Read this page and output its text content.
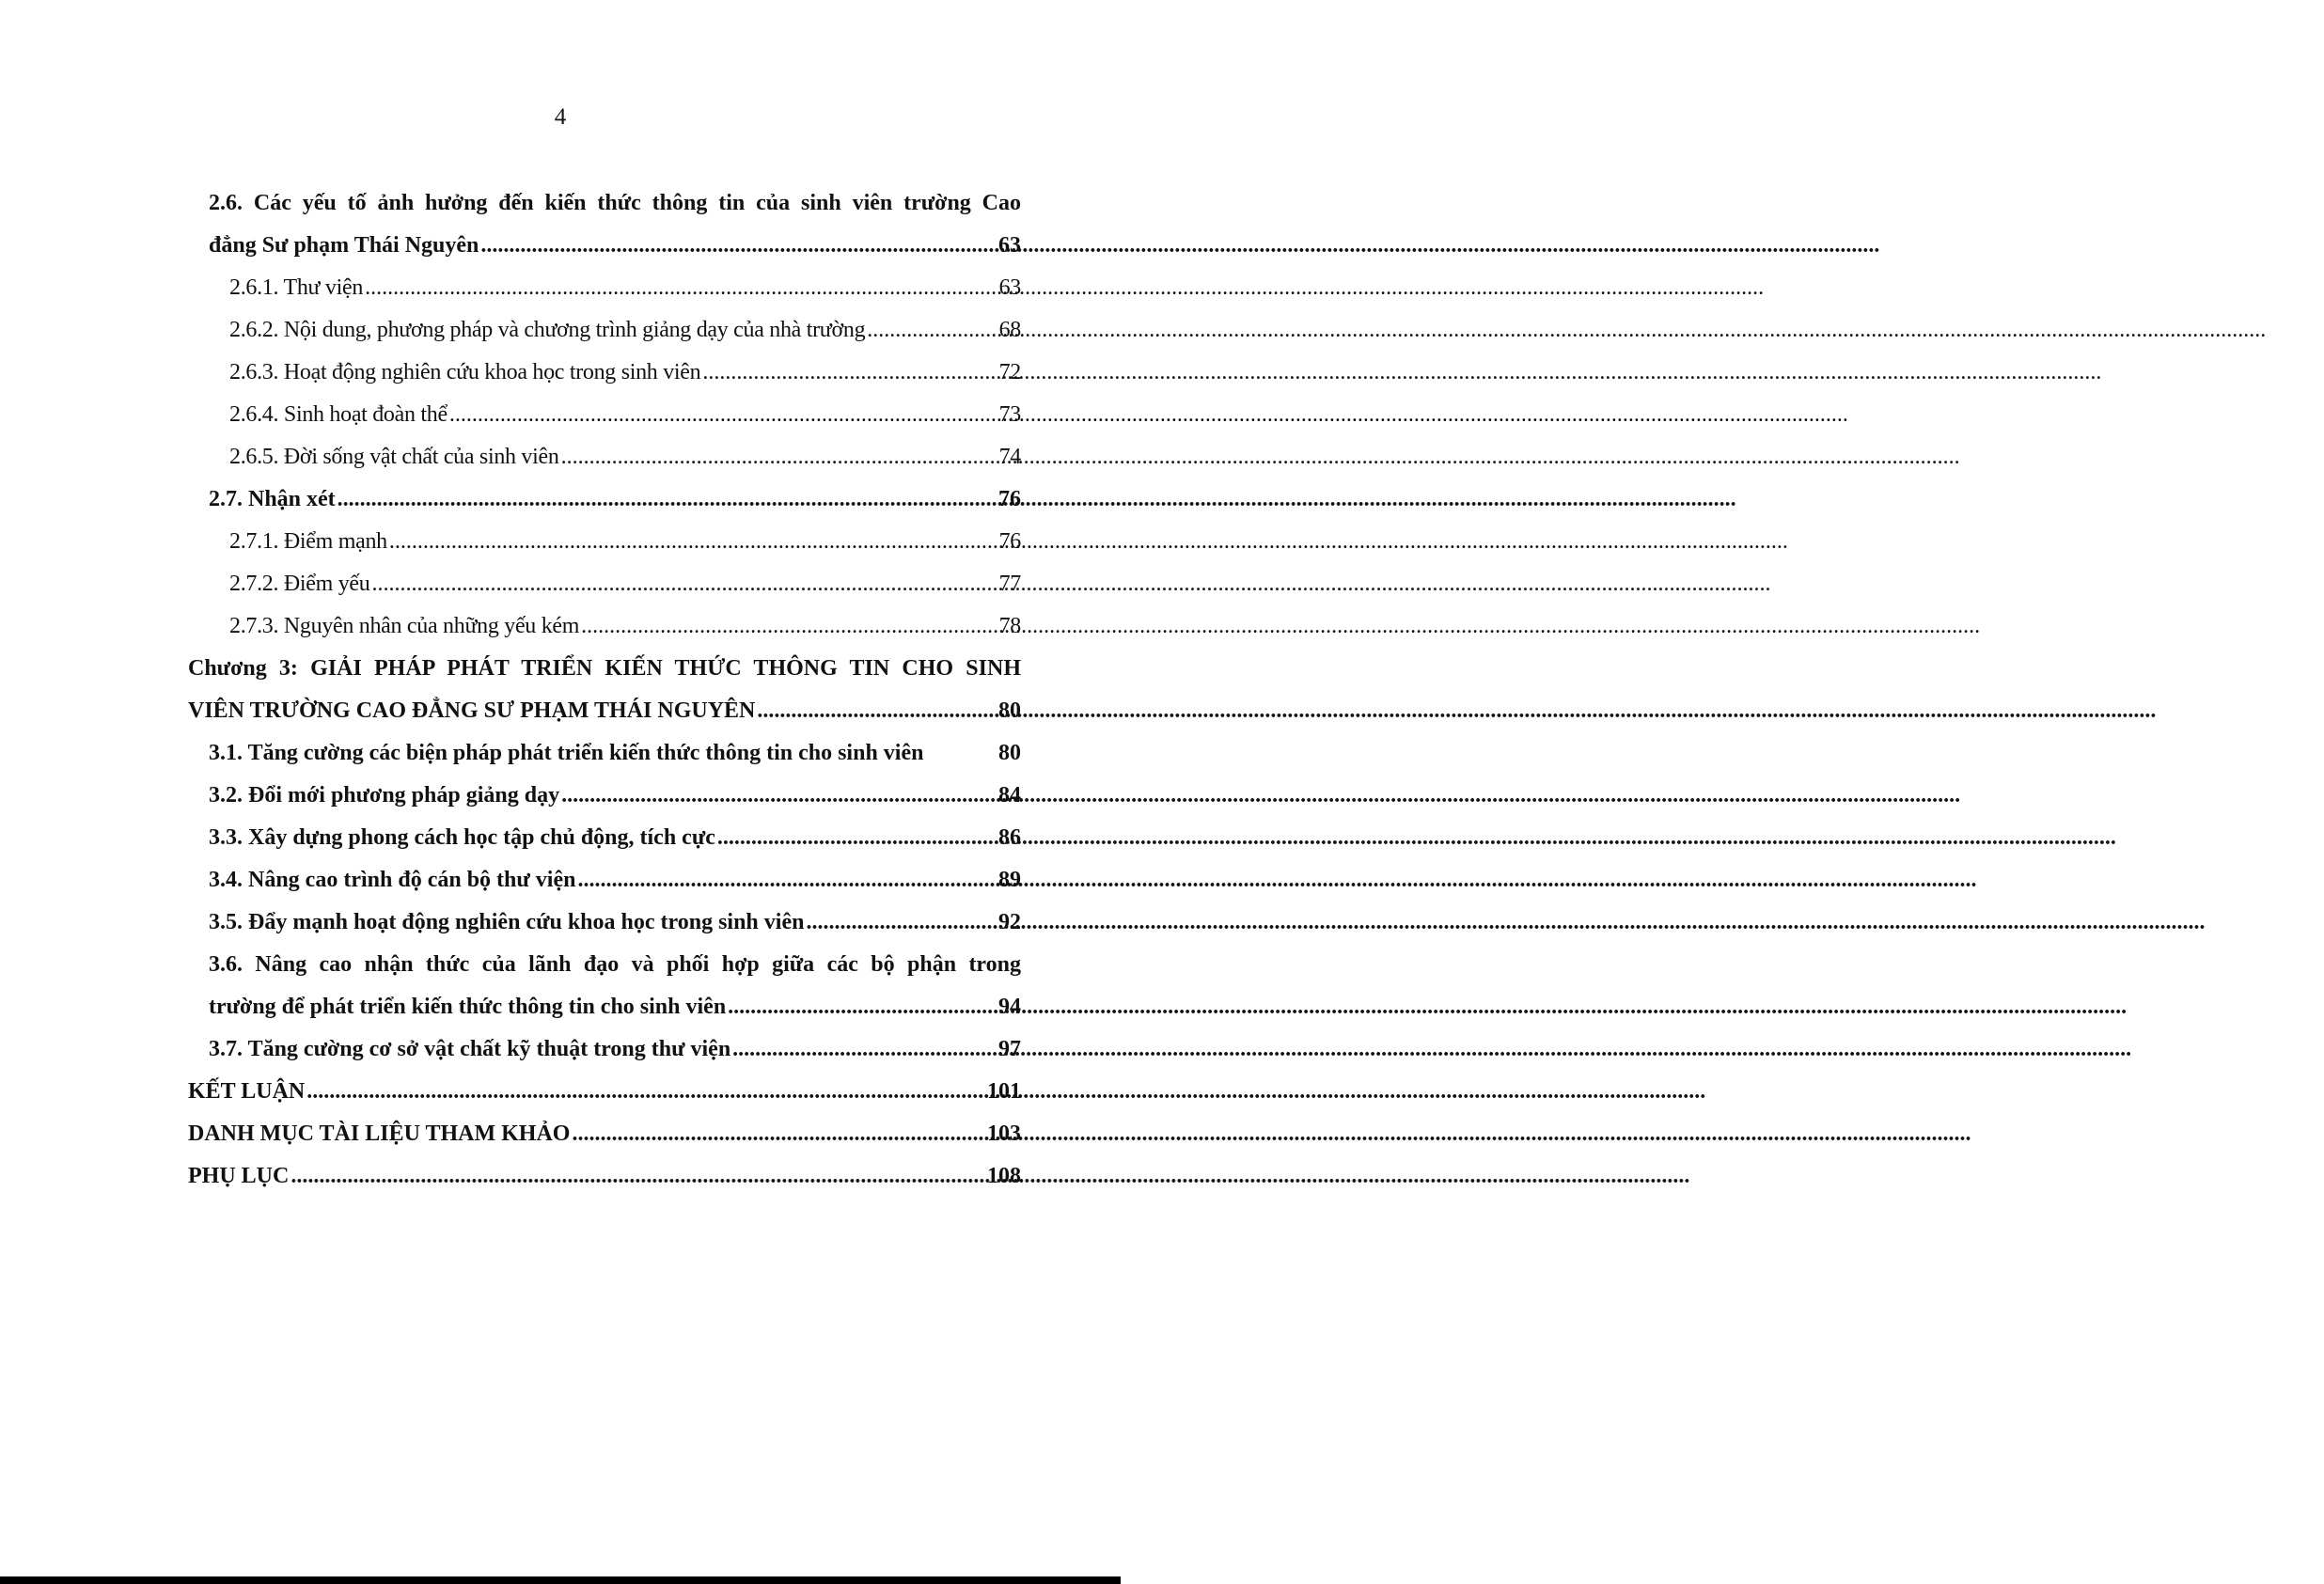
4
2.6. Các yếu tố ảnh hưởng đến kiến thức thông tin của sinh viên trường Cao
đẳng Sư phạm Thái Nguyên .....	63
2.6.1. Thư viện .....	63
2.6.2. Nội dung, phương pháp và chương trình giảng dạy của nhà trường .....	68
2.6.3. Hoạt động nghiên cứu khoa học trong sinh viên .....	72
2.6.4. Sinh hoạt đoàn thể .....	73
2.6.5. Đời sống vật chất của sinh viên .....	74
2.7. Nhận xét .....	76
2.7.1. Điểm mạnh .....	76
2.7.2. Điểm yếu .....	77
2.7.3. Nguyên nhân của những yếu kém .....	78
Chương 3: GIẢI PHÁP PHÁT TRIỂN KIẾN THỨC THÔNG TIN CHO SINH
VIÊN TRƯỜNG CAO ĐẲNG SƯ PHẠM THÁI NGUYÊN .....	80
3.1. Tăng cường các biện pháp phát triển kiến thức thông tin cho sinh viên	80
3.2. Đổi mới phương pháp giảng dạy .....	84
3.3. Xây dựng phong cách học tập chủ động, tích cực .....	86
3.4. Nâng cao trình độ cán bộ thư viện .....	89
3.5. Đẩy mạnh hoạt động nghiên cứu khoa học trong sinh viên .....	92
3.6. Nâng cao nhận thức của lãnh đạo và phối hợp giữa các bộ phận trong
trường để phát triển kiến thức thông tin cho sinh viên .....	94
3.7. Tăng cường cơ sở vật chất kỹ thuật trong thư viện .....	97
KẾT LUẬN .....	101
DANH MỤC TÀI LIỆU THAM KHẢO .....	103
PHỤ LỤC .....	108
